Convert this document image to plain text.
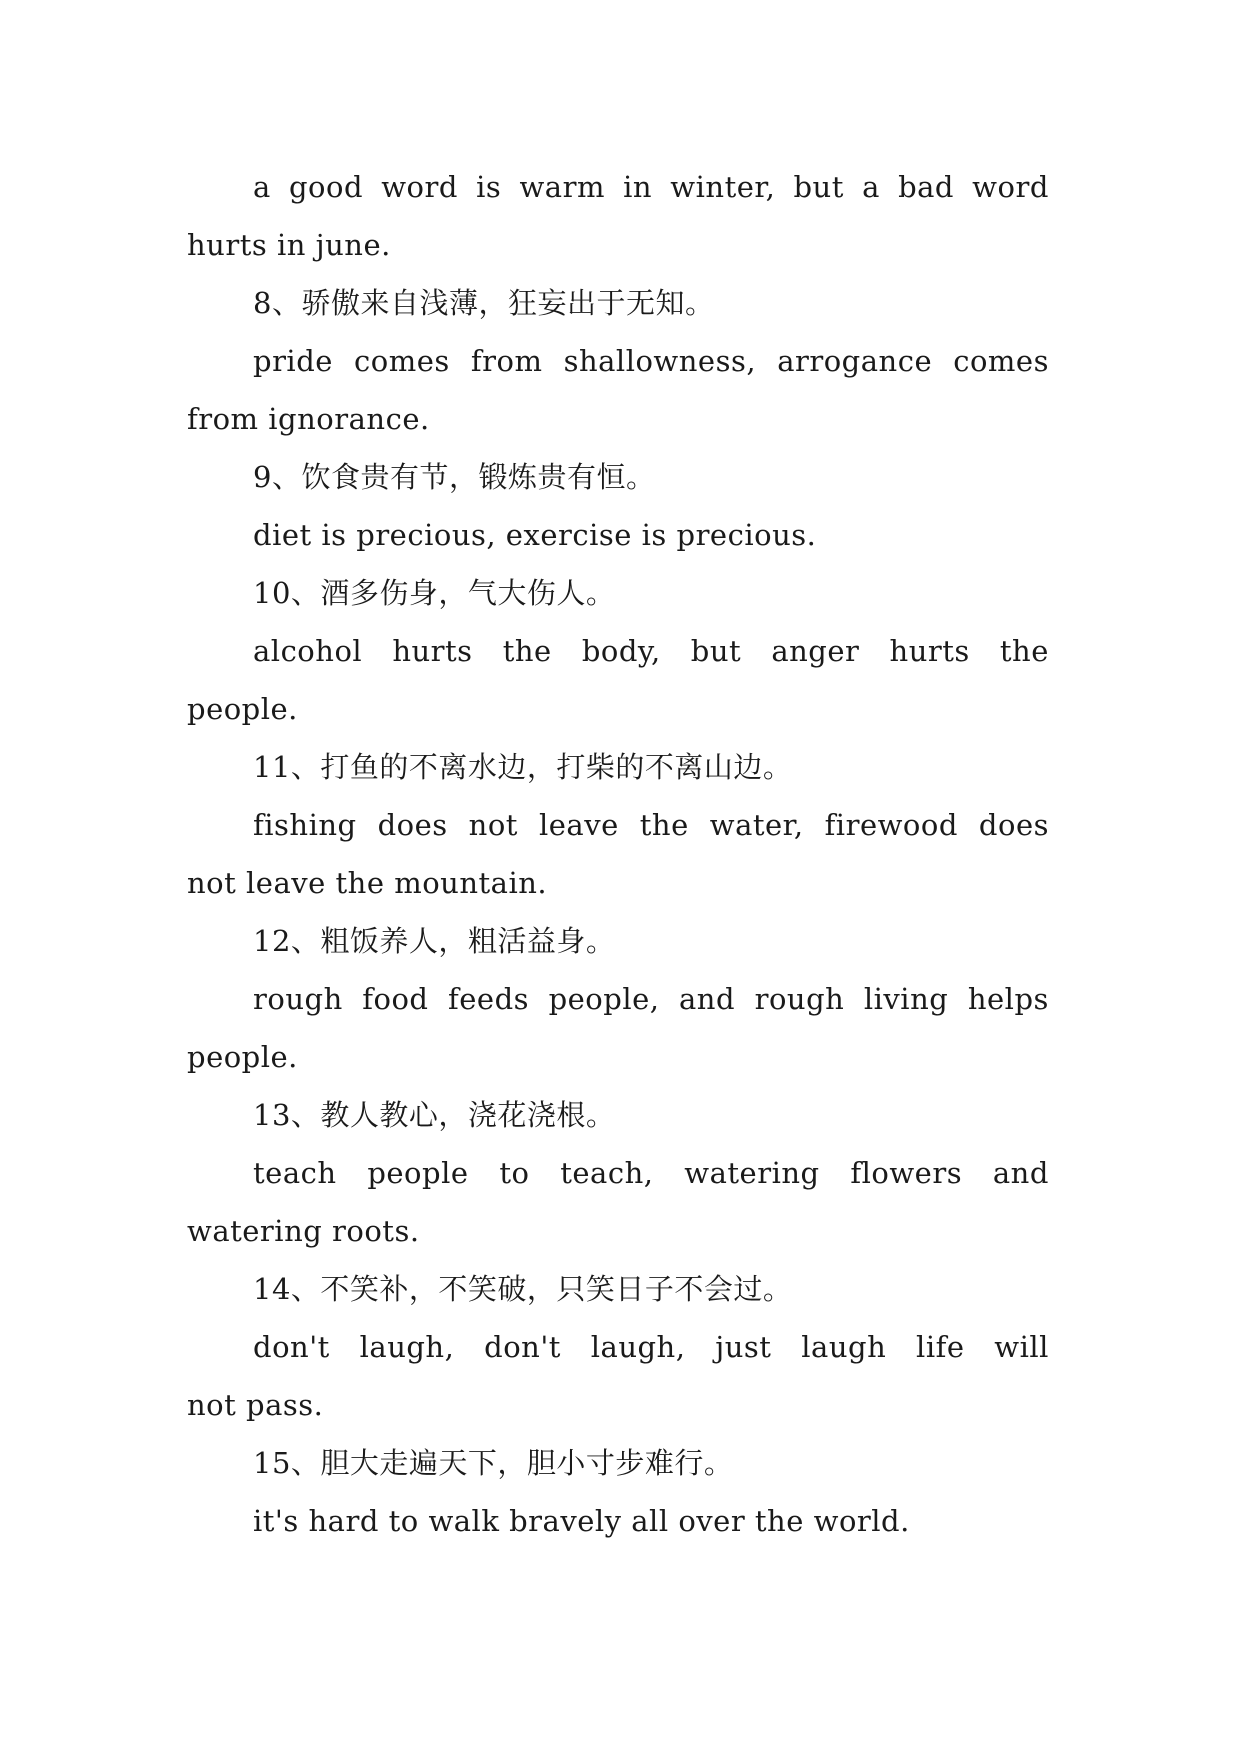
a good word is warm in winter, but a bad word
hurts in june.
8、骄傲来自浅薄，狂妄出于无知。
pride comes from shallowness, arrogance comes
from ignorance.
9、饮食贵有节，锻炼贵有恒。
diet is precious, exercise is precious.
10、酒多伤身，气大伤人。
alcohol hurts the body, but anger hurts the
people.
11、打鱼的不离水边，打柴的不离山边。
fishing does not leave the water, firewood does
not leave the mountain.
12、粗饭养人，粗活益身。
rough food feeds people, and rough living helps
people.
13、教人教心，浇花浇根。
teach people to teach, watering flowers and
watering roots.
14、不笑补，不笑破，只笑日子不会过。
don't laugh, don't laugh, just laugh life will
not pass.
15、胆大走遍天下，胆小寸步难行。
it's hard to walk bravely all over the world.
